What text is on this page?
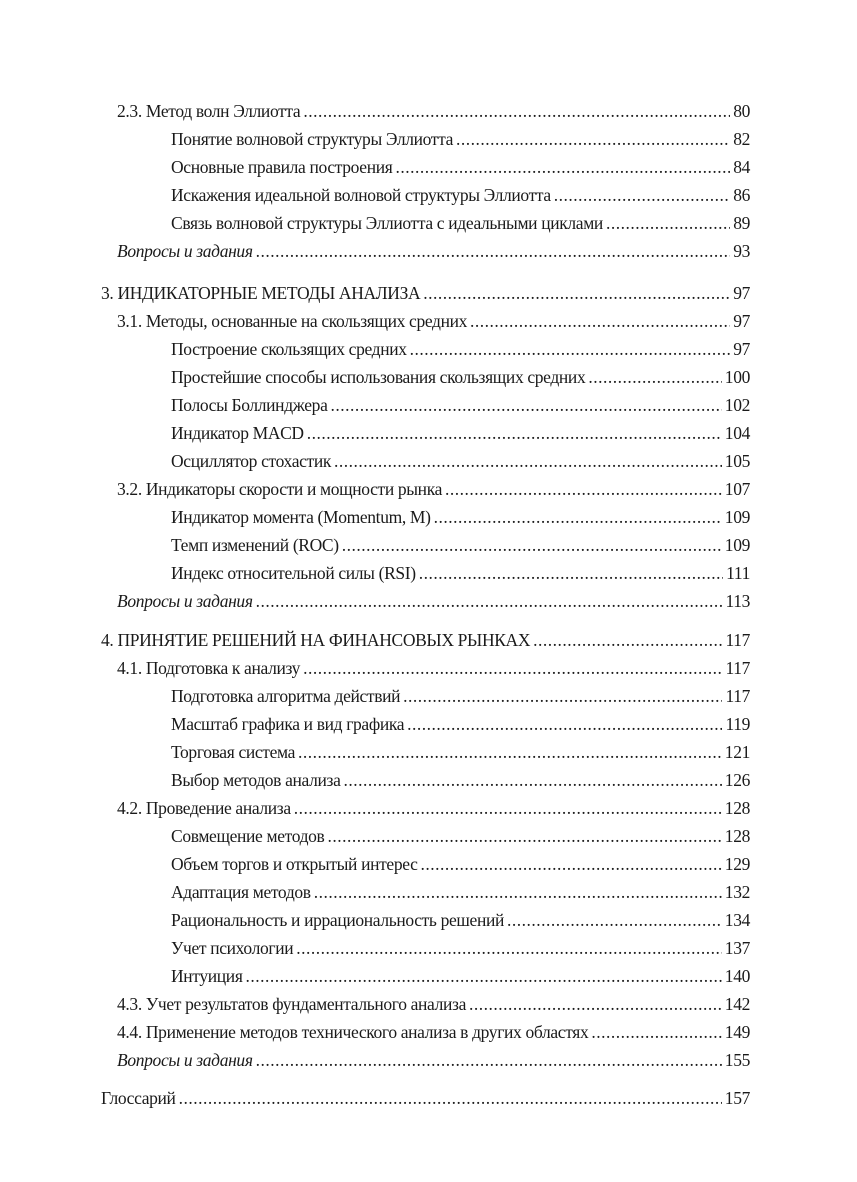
2.3. Метод волн Эллиотта .....	80
Понятие волновой структуры Эллиотта .....	82
Основные правила построения .....	84
Искажения идеальной волновой структуры Эллиотта .....	86
Связь волновой структуры Эллиотта с идеальными циклами .....	89
Вопросы и задания .....	93
3. ИНДИКАТОРНЫЕ МЕТОДЫ АНАЛИЗА .....	97
3.1. Методы, основанные на скользящих средних .....	97
Построение скользящих средних .....	97
Простейшие способы использования скользящих средних .....	100
Полосы Боллинджера .....	102
Индикатор MACD .....	104
Осциллятор стохастик .....	105
3.2. Индикаторы скорости и мощности рынка .....	107
Индикатор момента (Momentum, M) .....	109
Темп изменений (ROC) .....	109
Индекс относительной силы (RSI) .....	111
Вопросы и задания .....	113
4. ПРИНЯТИЕ РЕШЕНИЙ НА ФИНАНСОВЫХ РЫНКАХ .....	117
4.1. Подготовка к анализу .....	117
Подготовка алгоритма действий .....	117
Масштаб графика и вид графика .....	119
Торговая система .....	121
Выбор методов анализа .....	126
4.2. Проведение анализа .....	128
Совмещение методов .....	128
Объем торгов и открытый интерес .....	129
Адаптация методов .....	132
Рациональность и иррациональность решений .....	134
Учет психологии .....	137
Интуиция .....	140
4.3. Учет результатов фундаментального анализа .....	142
4.4. Применение методов технического анализа в других областях .....	149
Вопросы и задания .....	155
Глоссарий .....	157
